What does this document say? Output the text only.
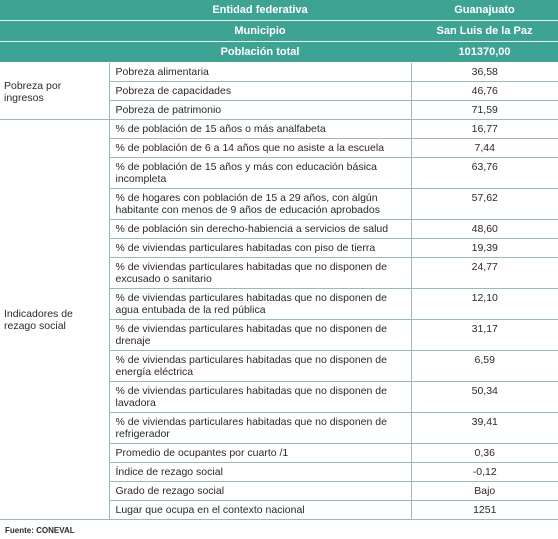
	Entidad federativa	Guanajuato
	Municipio	San Luis de la Paz
	Población total	101370,00
Pobreza por ingresos	Pobreza alimentaria	36,58
	Pobreza de capacidades	46,76
	Pobreza de patrimonio	71,59
Indicadores de rezago social	% de población de 15 años o más analfabeta	16,77
	% de población de 6 a 14 años que no asiste a la escuela	7,44
	% de población de 15 años y más con educación básica incompleta	63,76
	% de hogares con población de 15 a 29 años, con algún habitante con menos de 9 años de educación aprobados	57,62
	% de población sin derecho-habiencia a servicios de salud	48,60
	% de viviendas particulares habitadas con piso de tierra	19,39
	% de viviendas particulares habitadas que no disponen de excusado o sanitario	24,77
	% de viviendas particulares habitadas que no disponen de agua entubada de la red pública	12,10
	% de viviendas particulares habitadas que no disponen de drenaje	31,17
	% de viviendas particulares habitadas que no disponen de energía eléctrica	6,59
	% de viviendas particulares habitadas que no disponen de lavadora	50,34
	% de viviendas particulares habitadas que no disponen de refrigerador	39,41
	Promedio de ocupantes por cuarto /1	0,36
	Índice de rezago social	-0,12
	Grado de rezago social	Bajo
	Lugar que ocupa en el contexto nacional	1251
Fuente: CONEVAL
